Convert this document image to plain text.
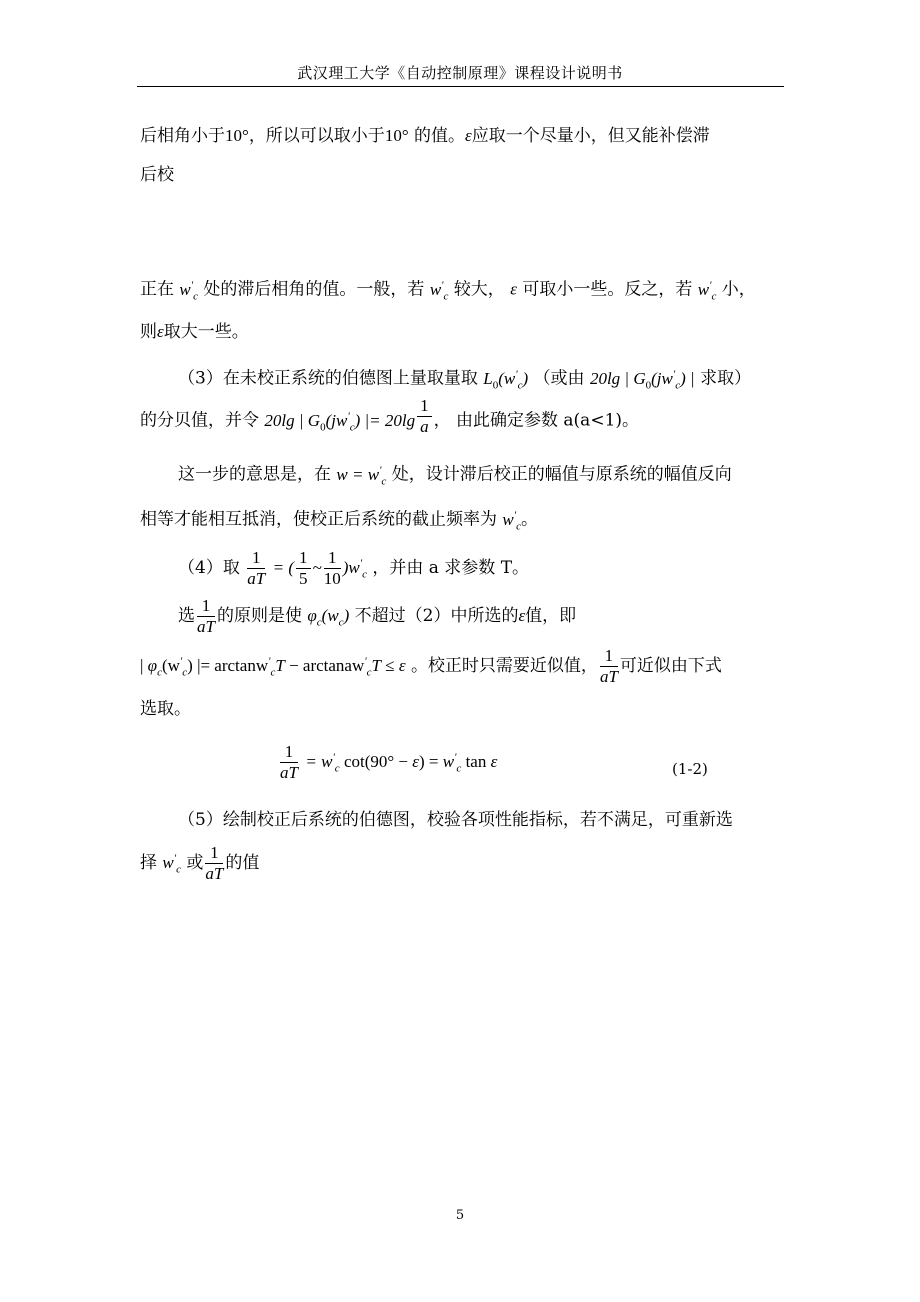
武汉理工大学《自动控制原理》课程设计说明书
后相角小于10°，所以可以取小于10° 的值。ε应取一个尽量小，但又能补偿滞
后校
正在 $w'_c$ 处的滞后相角的值。一般，若 $w'_c$ 较大， ε 可取小一些。反之，若 $w'_c$ 小，
则ε取大一些。
（3）在未校正系统的伯德图上量取量取 $L_0(w'_c)$ （或由 20lg | $G_0(jw'_c)$ | 求取）
的分贝值，并令 20lg | $G_0(jw'_c)$ |= $20\lg \frac{1}{a}$ ， 由此确定参数 a(a<1)。
这一步的意思是，在 $w = w'_c$ 处，设计滞后校正的幅值与原系统的幅值反向
相等才能相互抵消，使校正后系统的截止频率为 $w'_c$。
（4）取 $\frac{1}{aT}$ = ( $\frac{1}{5}$ ~ $\frac{1}{10} )w'_c$ ，并由 a 求参数 T。
选 $\frac{1}{aT}$ 的原则是使 $\varphi_c(w_c)$ 不超过（2）中所选的ε值，即
| $\varphi_c(w'_c)$ |= arctanw'$_c$T − arctanaw'$_c$T ≤ ε 。校正时只需要近似值， $\frac{1}{aT}$ 可近似由下式
选取。
$\frac{1}{aT} = w'_c$ $\cot(90^\circ - \varepsilon) = w'_c$ tan ε	(1-2)
（5）绘制校正后系统的伯德图，校验各项性能指标，若不满足，可重新选
择 $w'_c$ 或 $\frac{1}{aT}$ 的值
5
